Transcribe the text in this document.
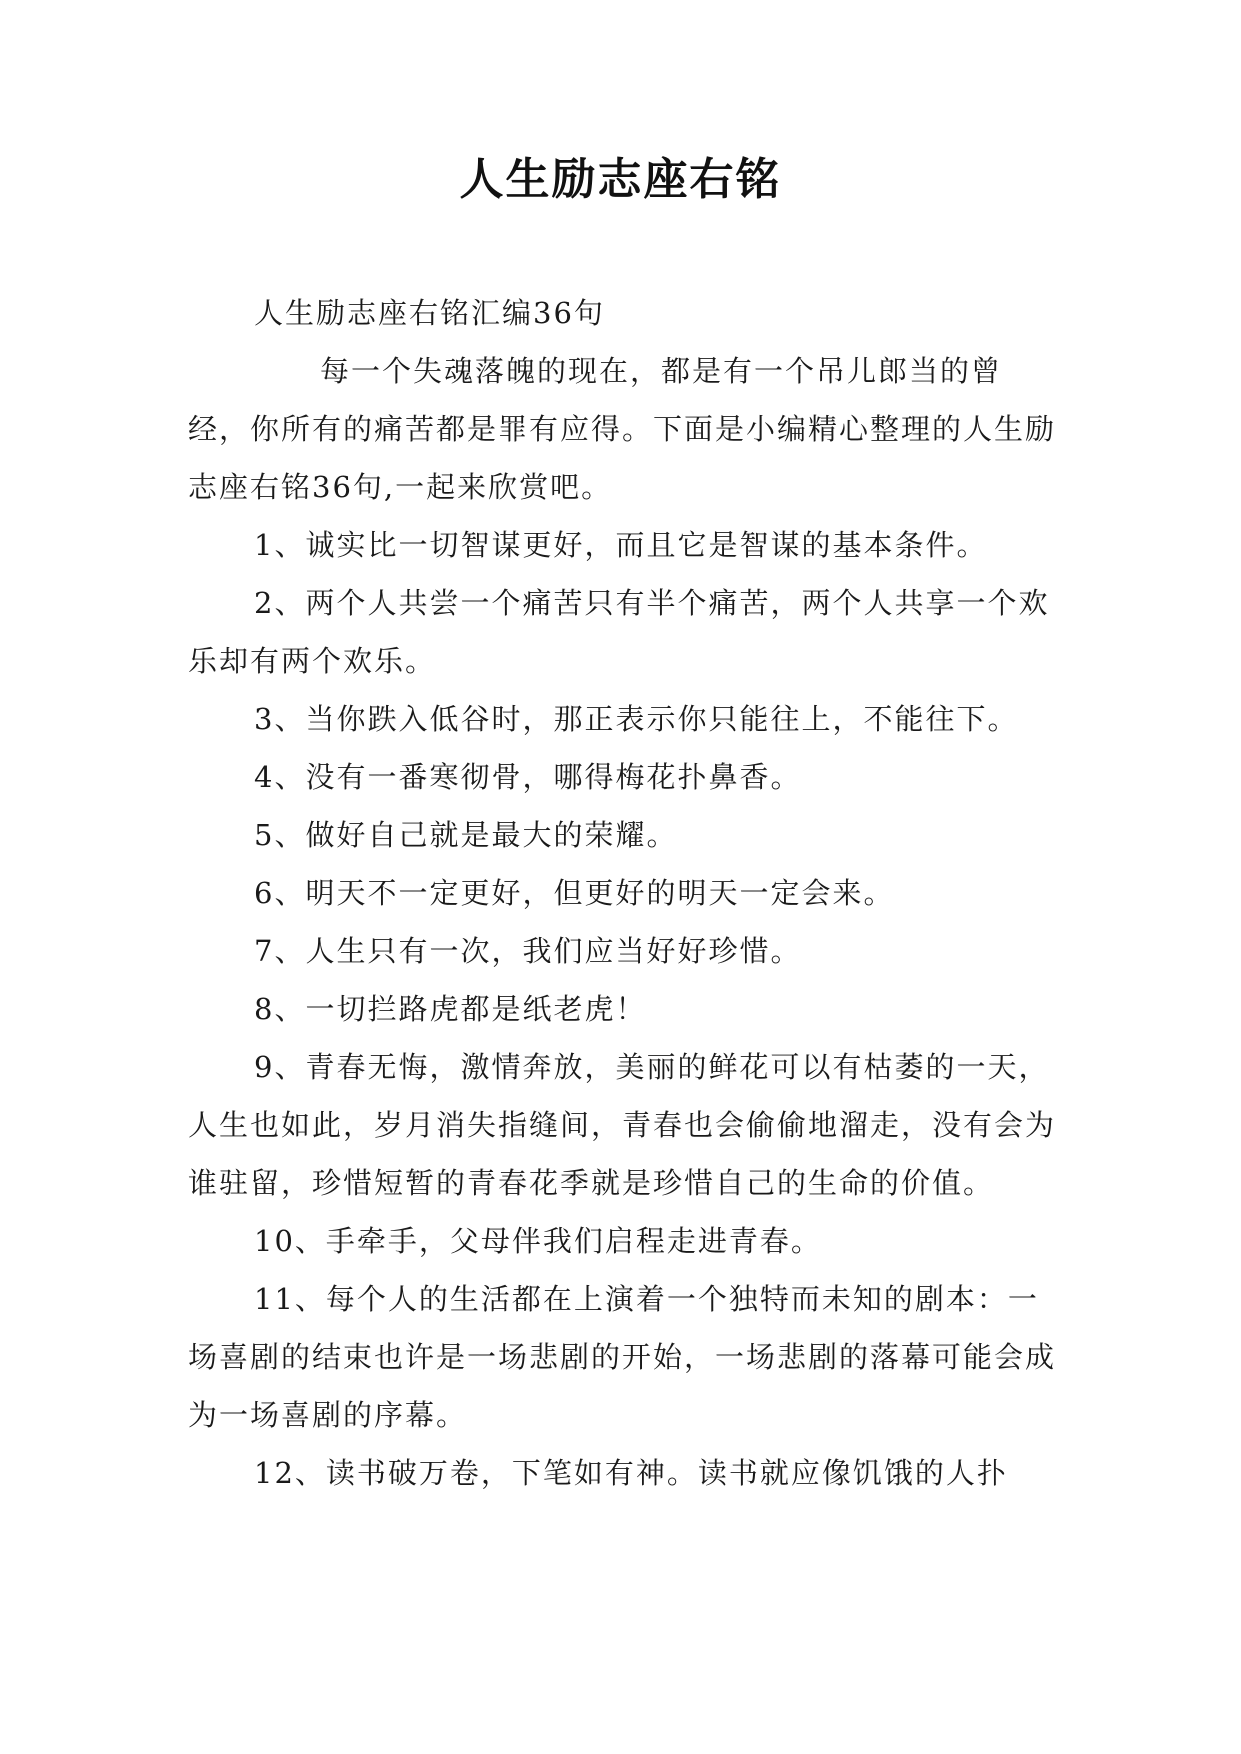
人生励志座右铭

人生励志座右铭汇编36句

每一个失魂落魄的现在，都是有一个吊儿郎当的曾经，你所有的痛苦都是罪有应得。下面是小编精心整理的人生励志座右铭36句,一起来欣赏吧。

1、诚实比一切智谋更好，而且它是智谋的基本条件。

2、两个人共尝一个痛苦只有半个痛苦，两个人共享一个欢乐却有两个欢乐。

3、当你跌入低谷时，那正表示你只能往上，不能往下。

4、没有一番寒彻骨，哪得梅花扑鼻香。

5、做好自己就是最大的荣耀。

6、明天不一定更好，但更好的明天一定会来。

7、人生只有一次，我们应当好好珍惜。

8、一切拦路虎都是纸老虎！

9、青春无悔，激情奔放，美丽的鲜花可以有枯萎的一天，人生也如此，岁月消失指缝间，青春也会偷偷地溜走，没有会为谁驻留，珍惜短暂的青春花季就是珍惜自己的生命的价值。

10、手牵手，父母伴我们启程走进青春。

11、每个人的生活都在上演着一个独特而未知的剧本：一场喜剧的结束也许是一场悲剧的开始，一场悲剧的落幕可能会成为一场喜剧的序幕。

12、读书破万卷，下笔如有神。读书就应像饥饿的人扑
